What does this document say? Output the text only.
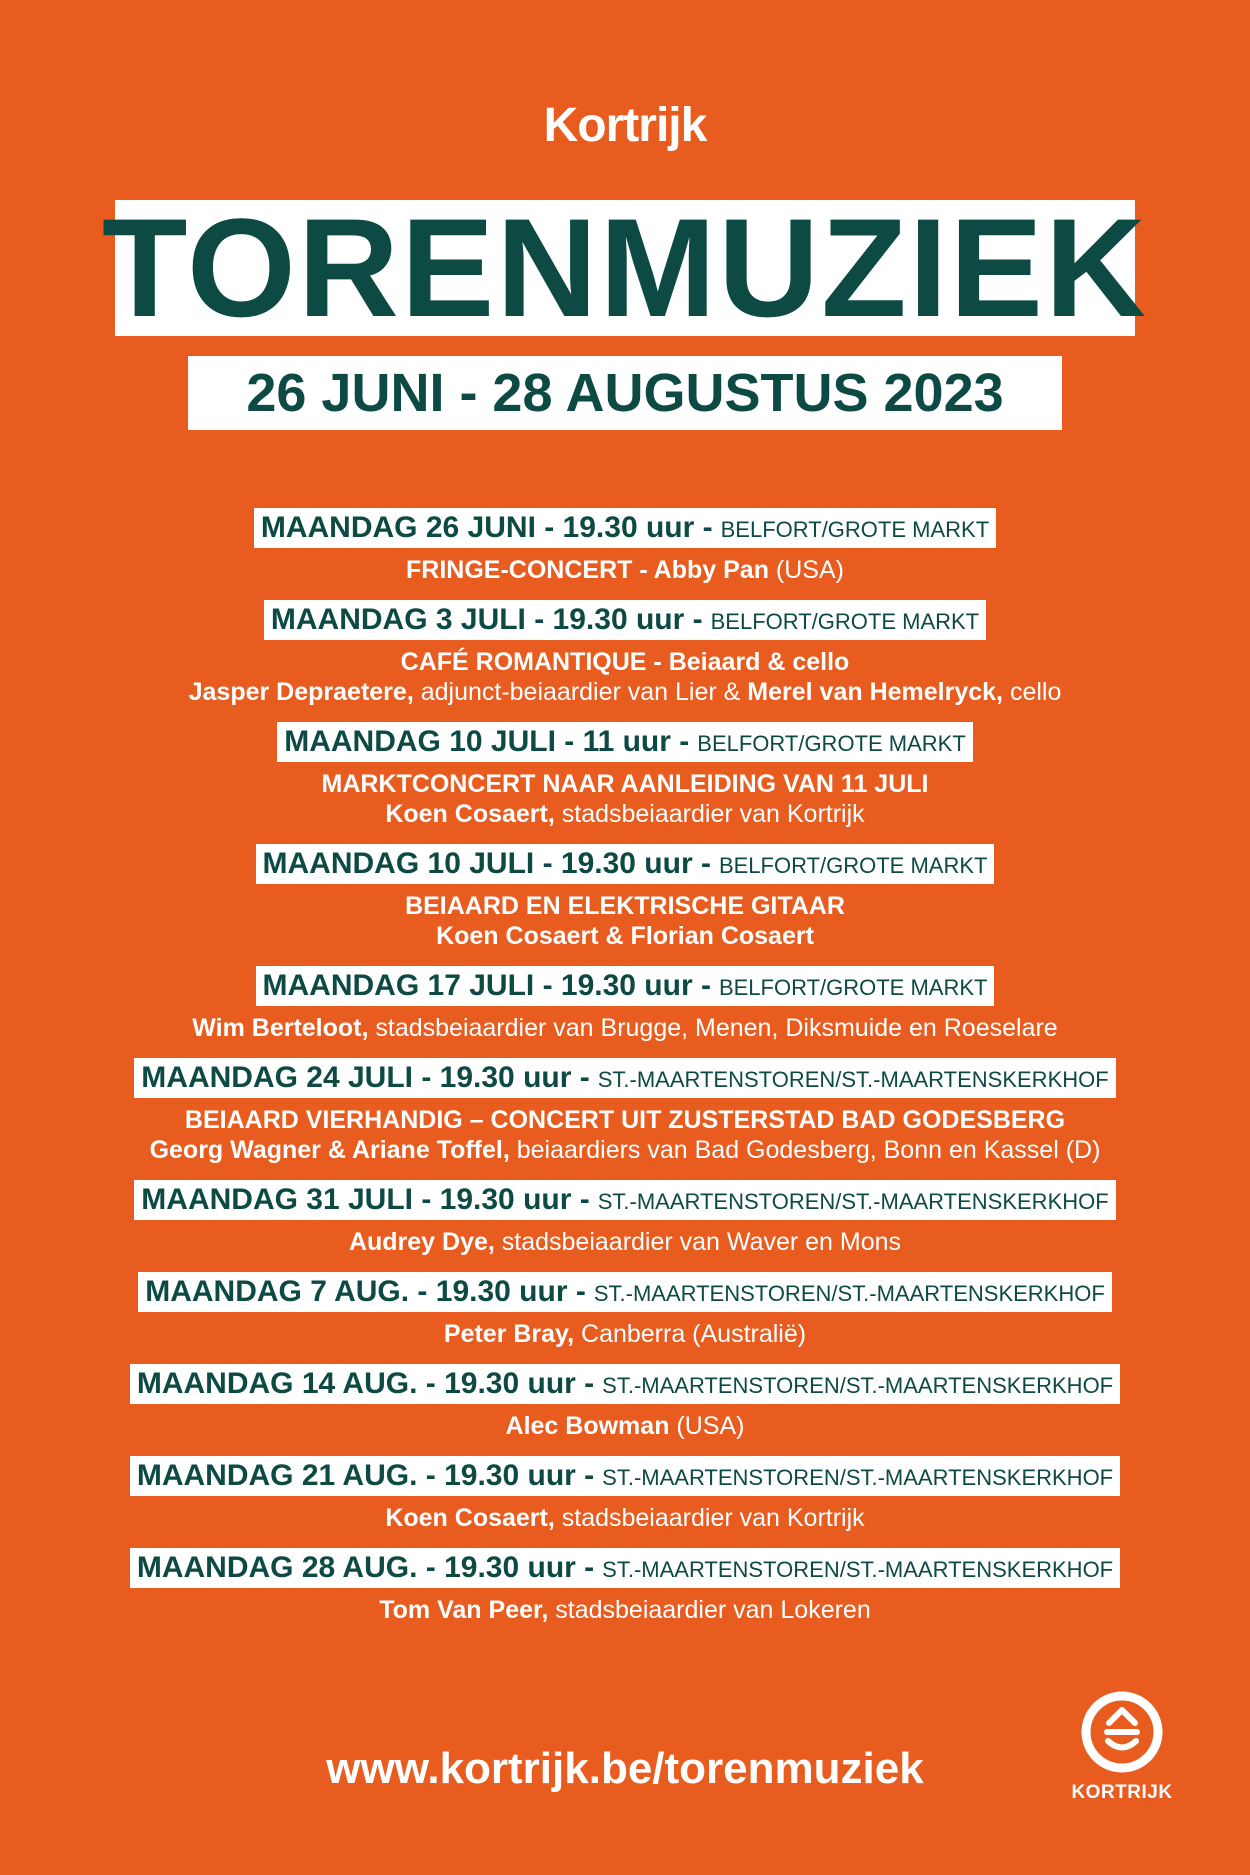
Kortrijk
TORENMUZIEK
26 JUNI - 28 AUGUSTUS 2023
MAANDAG 26 JUNI - 19.30 uur - BELFORT/GROTE MARKT
FRINGE-CONCERT - Abby Pan (USA)
MAANDAG 3 JULI - 19.30 uur - BELFORT/GROTE MARKT
CAFÉ ROMANTIQUE - Beiaard & cello
Jasper Depraetere, adjunct-beiaardier van Lier & Merel van Hemelryck, cello
MAANDAG 10 JULI - 11 uur - BELFORT/GROTE MARKT
MARKTCONCERT NAAR AANLEIDING VAN 11 JULI
Koen Cosaert, stadsbeiaardier van Kortrijk
MAANDAG 10 JULI - 19.30 uur - BELFORT/GROTE MARKT
BEIAARD EN ELEKTRISCHE GITAAR
Koen Cosaert & Florian Cosaert
MAANDAG 17 JULI - 19.30 uur - BELFORT/GROTE MARKT
Wim Berteloot, stadsbeiaardier van Brugge, Menen, Diksmuide en Roeselare
MAANDAG 24 JULI - 19.30 uur - ST.-MAARTENSTOREN/ST.-MAARTENSKERKHOF
BEIAARD VIERHANDIG – CONCERT UIT ZUSTERSTAD BAD GODESBERG
Georg Wagner & Ariane Toffel, beiaardiers van Bad Godesberg, Bonn en Kassel (D)
MAANDAG 31 JULI - 19.30 uur - ST.-MAARTENSTOREN/ST.-MAARTENSKERKHOF
Audrey Dye, stadsbeiaardier van Waver en Mons
MAANDAG 7 AUG. - 19.30 uur - ST.-MAARTENSTOREN/ST.-MAARTENSKERKHOF
Peter Bray, Canberra (Australië)
MAANDAG 14 AUG. - 19.30 uur - ST.-MAARTENSTOREN/ST.-MAARTENSKERKHOF
Alec Bowman (USA)
MAANDAG 21 AUG. - 19.30 uur - ST.-MAARTENSTOREN/ST.-MAARTENSKERKHOF
Koen Cosaert, stadsbeiaardier van Kortrijk
MAANDAG 28 AUG. - 19.30 uur - ST.-MAARTENSTOREN/ST.-MAARTENSKERKHOF
Tom Van Peer, stadsbeiaardier van Lokeren
www.kortrijk.be/torenmuziek	KORTRIJK
